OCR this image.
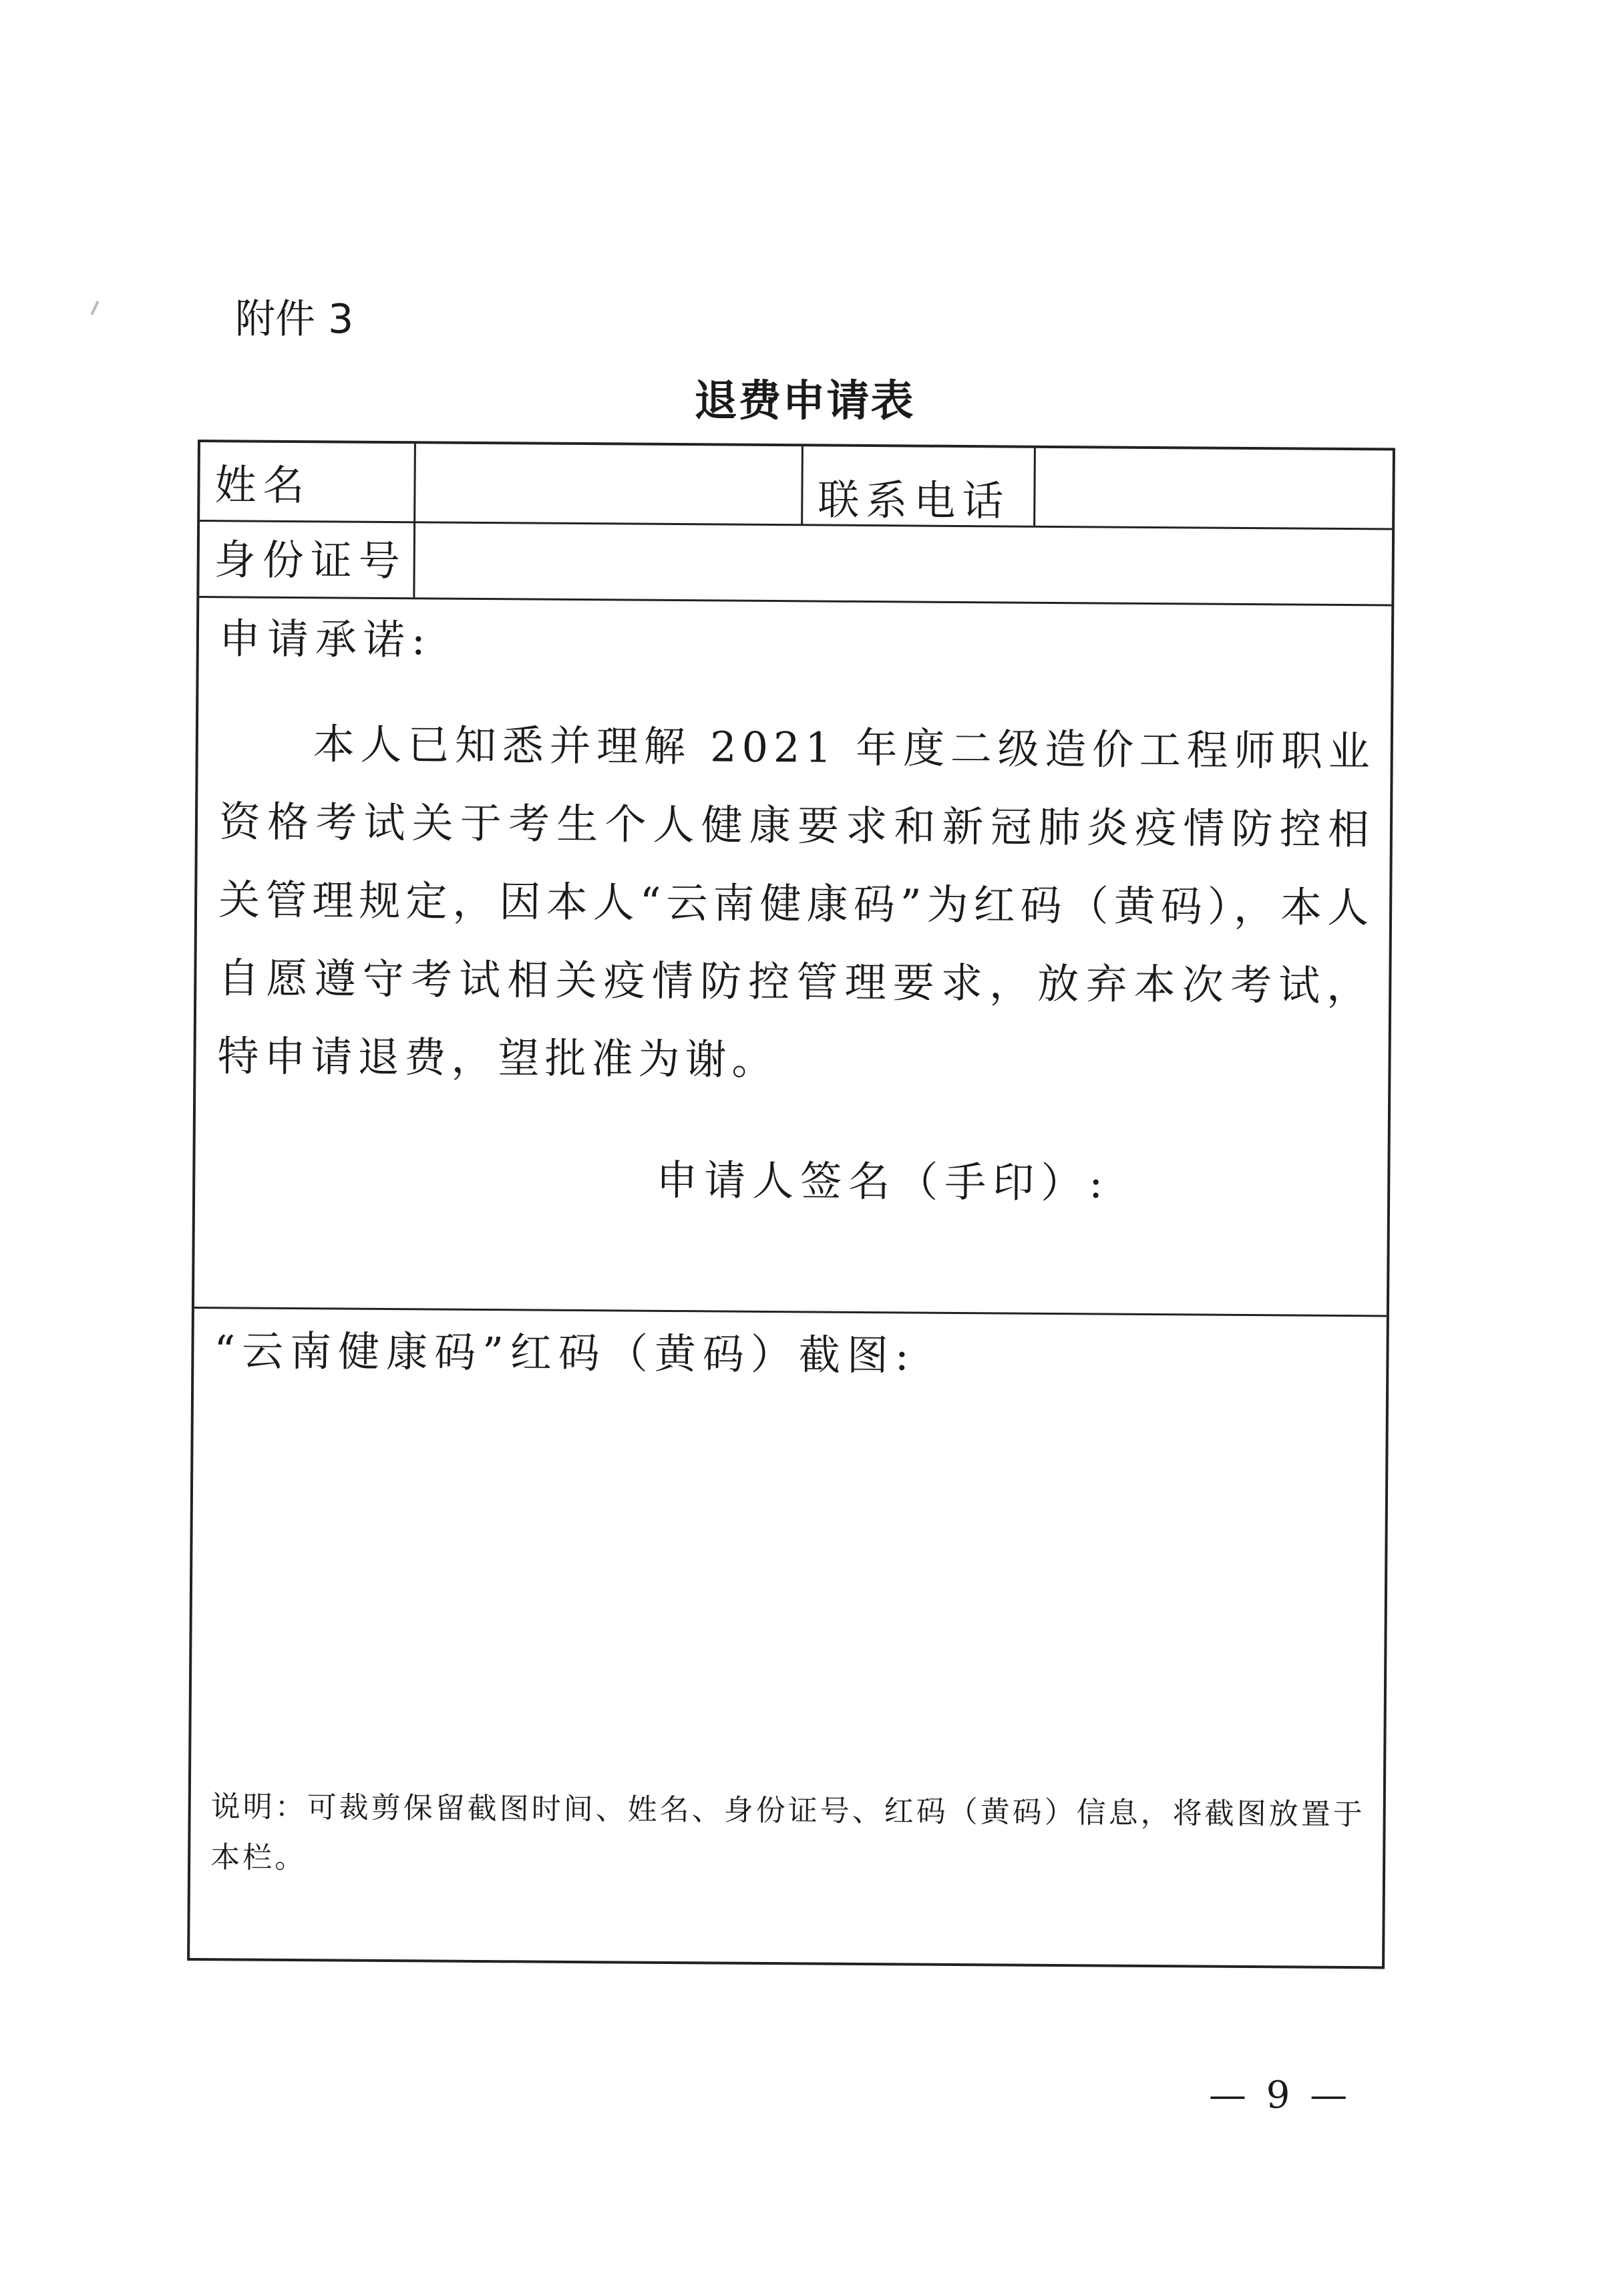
附件 3
退费申请表
姓名	联系电话
身份证号
申请承诺:
本人已知悉并理解 2021 年度二级造价工程师职业资格考试关于考生个人健康要求和新冠肺炎疫情防控相关管理规定，因本人“云南健康码”为红码（黄码），本人自愿遵守考试相关疫情防控管理要求，放弃本次考试，特申请退费，望批准为谢。
申请人签名（手印）:
“云南健康码”红码（黄码）截图:
说明：可裁剪保留截图时间、姓名、身份证号、红码（黄码）信息，将截图放置于本栏。
— 9 —
